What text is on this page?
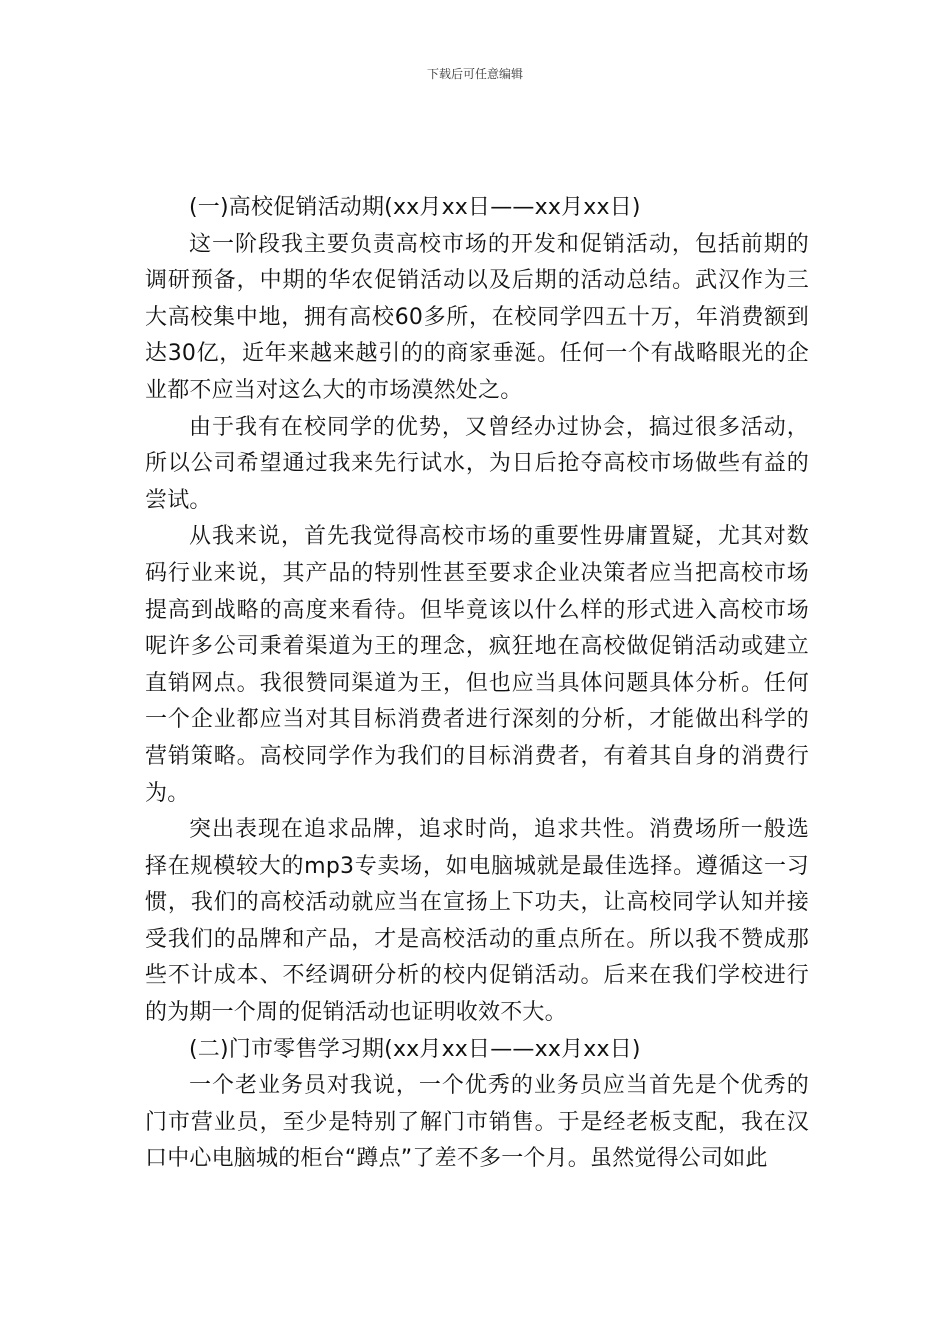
下载后可任意编辑

(一)高校促销活动期(xx月xx日——xx月xx日)

这一阶段我主要负责高校市场的开发和促销活动，包括前期的调研预备，中期的华农促销活动以及后期的活动总结。武汉作为三大高校集中地，拥有高校60多所，在校同学四五十万，年消费额到达30亿，近年来越来越引的的商家垂涎。任何一个有战略眼光的企业都不应当对这么大的市场漠然处之。

由于我有在校同学的优势，又曾经办过协会，搞过很多活动，所以公司希望通过我来先行试水，为日后抢夺高校市场做些有益的尝试。

从我来说，首先我觉得高校市场的重要性毋庸置疑，尤其对数码行业来说，其产品的特别性甚至要求企业决策者应当把高校市场提高到战略的高度来看待。但毕竟该以什么样的形式进入高校市场呢许多公司秉着渠道为王的理念，疯狂地在高校做促销活动或建立直销网点。我很赞同渠道为王，但也应当具体问题具体分析。任何一个企业都应当对其目标消费者进行深刻的分析，才能做出科学的营销策略。高校同学作为我们的目标消费者，有着其自身的消费行为。

突出表现在追求品牌，追求时尚，追求共性。消费场所一般选择在规模较大的mp3专卖场，如电脑城就是最佳选择。遵循这一习惯，我们的高校活动就应当在宣扬上下功夫，让高校同学认知并接受我们的品牌和产品，才是高校活动的重点所在。所以我不赞成那些不计成本、不经调研分析的校内促销活动。后来在我们学校进行的为期一个周的促销活动也证明收效不大。

(二)门市零售学习期(xx月xx日——xx月xx日)

一个老业务员对我说，一个优秀的业务员应当首先是个优秀的门市营业员，至少是特别了解门市销售。于是经老板支配，我在汉口中心电脑城的柜台“蹲点”了差不多一个月。虽然觉得公司如此
